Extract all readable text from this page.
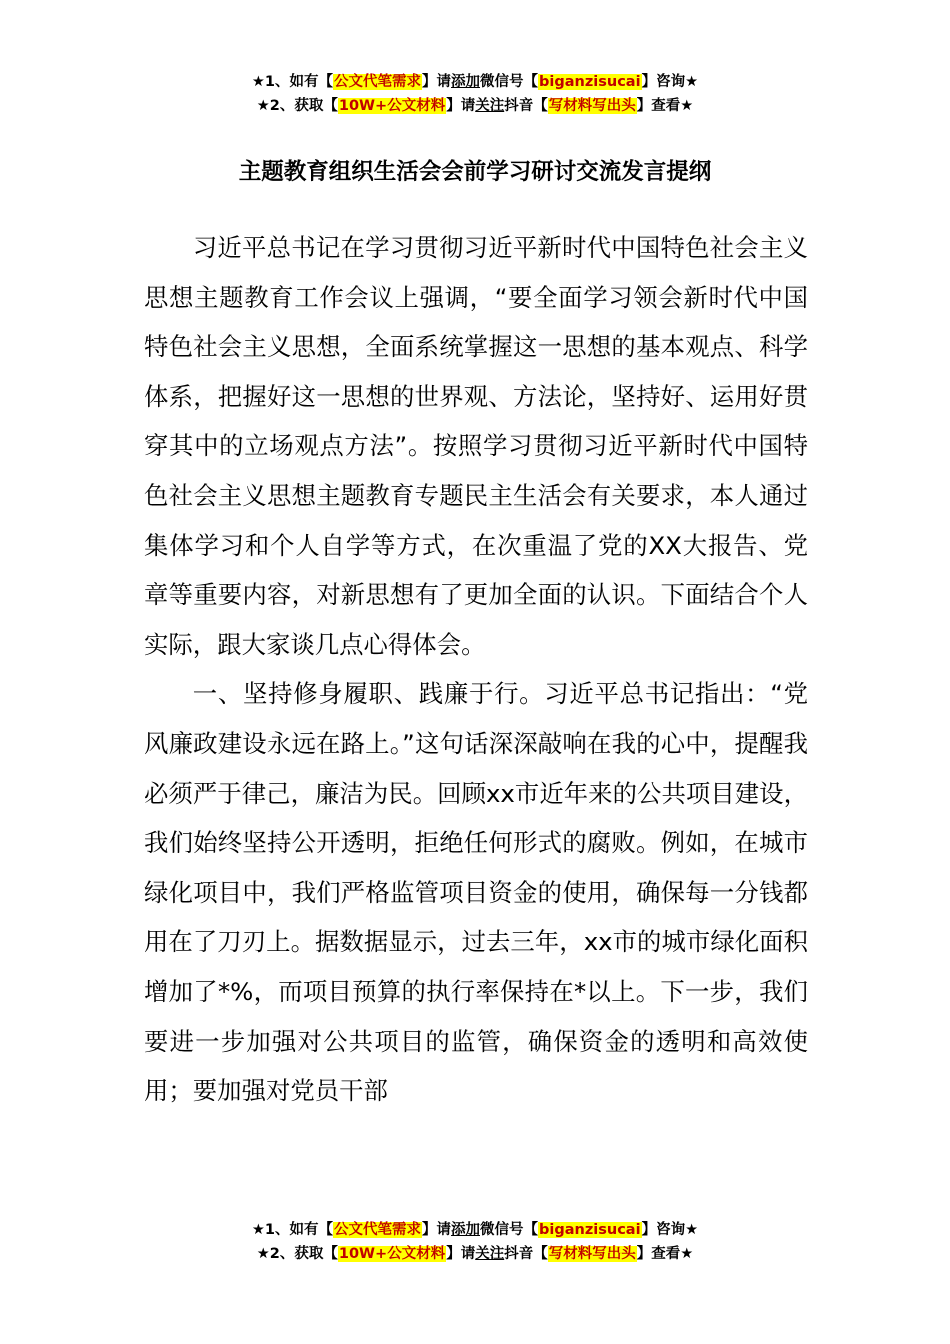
★1、如有【公文代笔需求】请添加微信号【biganzisucai】咨询★
★2、获取【10W+公文材料】请关注抖音【写材料写出头】查看★
主题教育组织生活会会前学习研讨交流发言提纲

习近平总书记在学习贯彻习近平新时代中国特色社会主义思想主题教育工作会议上强调，“要全面学习领会新时代中国特色社会主义思想，全面系统掌握这一思想的基本观点、科学体系，把握好这一思想的世界观、方法论，坚持好、运用好贯穿其中的立场观点方法”。按照学习贯彻习近平新时代中国特色社会主义思想主题教育专题民主生活会有关要求，本人通过集体学习和个人自学等方式，在次重温了党的XX大报告、党章等重要内容，对新思想有了更加全面的认识。下面结合个人实际，跟大家谈几点心得体会。

一、坚持修身履职、践廉于行。习近平总书记指出：“党风廉政建设永远在路上。”这句话深深敲响在我的心中，提醒我必须严于律己，廉洁为民。回顾xx市近年来的公共项目建设，我们始终坚持公开透明，拒绝任何形式的腐败。例如，在城市绿化项目中，我们严格监管项目资金的使用，确保每一分钱都用在了刀刃上。据数据显示，过去三年，xx市的城市绿化面积增加了*%，而项目预算的执行率保持在*以上。下一步，我们要进一步加强对公共项目的监管，确保资金的透明和高效使用；要加强对党员干部

★1、如有【公文代笔需求】请添加微信号【biganzisucai】咨询★
★2、获取【10W+公文材料】请关注抖音【写材料写出头】查看★
